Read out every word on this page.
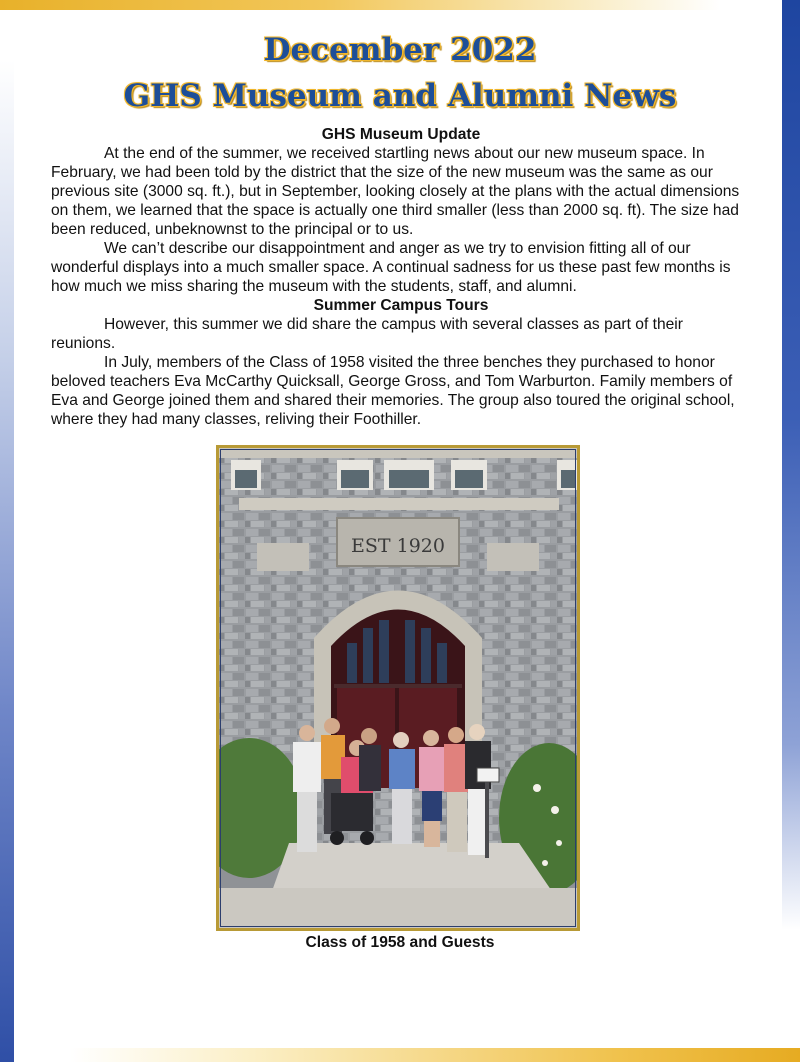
December 2022
GHS Museum and Alumni News

GHS Museum Update

At the end of the summer, we received startling news about our new museum space. In February, we had been told by the district that the size of the new museum was the same as our previous site (3000 sq. ft.), but in September, looking closely at the plans with the actual dimensions on them, we learned that the space is actually one third smaller (less than 2000 sq. ft). The size had been reduced, unbeknownst to the principal or to us.

We can’t describe our disappointment and anger as we try to envision fitting all of our wonderful displays into a much smaller space. A continual sadness for us these past few months is how much we miss sharing the museum with the students, staff, and alumni.

Summer Campus Tours

However, this summer we did share the campus with several classes as part of their reunions.

In July, members of the Class of 1958 visited the three benches they purchased to honor beloved teachers Eva McCarthy Quicksall, George Gross, and Tom Warburton. Family members of Eva and George joined them and shared their memories. The group also toured the original school, where they had many classes, reliving their Foothiller.

EST 1920
Class of 1958 and Guests
